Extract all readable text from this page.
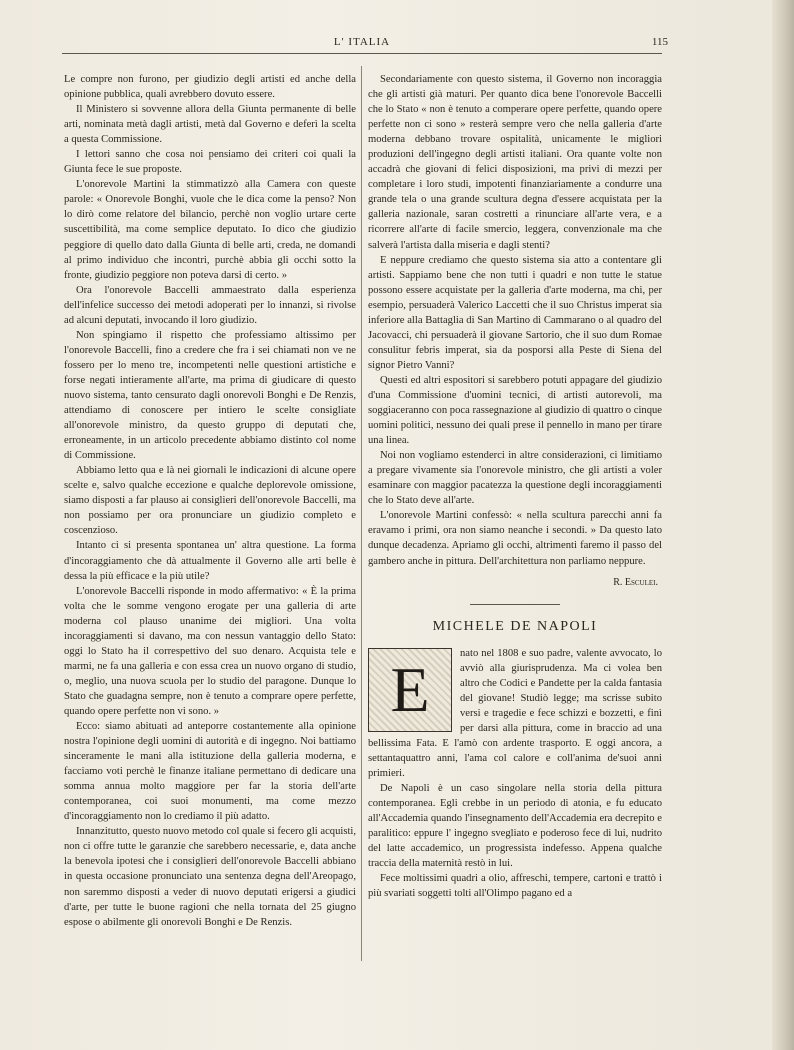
L' ITALIA	115

Le compre non furono, per giudizio degli artisti ed anche della opinione pubblica, quali avrebbero dovuto essere.

Il Ministero si sovvenne allora della Giunta permanente di belle arti, nominata metà dagli artisti, metà dal Governo e deferì la scelta a questa Commissione.

I lettori sanno che cosa noi pensiamo dei criteri coi quali la Giunta fece le sue proposte.

L'onorevole Martini la stimmatizzò alla Camera con queste parole: « Onorevole Bonghi, vuole che le dica come la penso? Non lo dirò come relatore del bilancio, perchè non voglio urtare certe suscettibilità, ma come semplice deputato. Io dico che giudizio peggiore di quello dato dalla Giunta di belle arti, creda, ne domandi al primo individuo che incontri, purchè abbia gli occhi sotto la fronte, giudizio peggiore non poteva darsi di certo. »

Ora l'onorevole Baccelli ammaestrato dalla esperienza dell'infelice successo dei metodi adoperati per lo innanzi, si rivolse ad alcuni deputati, invocando il loro giudizio.

Non spingiamo il rispetto che professiamo altissimo per l'onorevole Baccelli, fino a credere che fra i sei chiamati non ve ne fossero per lo meno tre, incompetenti nelle questioni artistiche e forse negati intieramente all'arte, ma prima di giudicare di questo nuovo sistema, tanto censurato dagli onorevoli Bonghi e De Renzis, attendiamo di conoscere per intiero le scelte consigliate all'onorevole ministro, da questo gruppo di deputati che, erroneamente, in un articolo precedente abbiamo distinto col nome di Commissione.

Abbiamo letto qua e là nei giornali le indicazioni di alcune opere scelte e, salvo qualche eccezione e qualche deplorevole omissione, siamo disposti a far plauso ai consiglieri dell'onorevole Baccelli, ma non possiamo per ora pronunciare un giudizio completo e coscenzioso.

Intanto ci si presenta spontanea un' altra questione. La forma d'incoraggiamento che dà attualmente il Governo alle arti belle è dessa la più efficace e la più utile?

L'onorevole Baccelli risponde in modo affermativo: « È la prima volta che le somme vengono erogate per una galleria di arte moderna col plauso unanime dei migliori. Una volta incoraggiamenti si davano, ma con nessun vantaggio dello Stato: oggi lo Stato ha il correspettivo del suo denaro. Acquista tele e marmi, ne fa una galleria e con essa crea un nuovo organo di studio, o, meglio, una nuova scuola per lo studio del paragone. Dunque lo Stato che guadagna sempre, non è tenuto a comprare opere perfette, quando opere perfette non vi sono. »

Ecco: siamo abituati ad anteporre costantemente alla opinione nostra l'opinione degli uomini di autorità e di ingegno. Noi battiamo sinceramente le mani alla istituzione della galleria moderna, e facciamo voti perchè le finanze italiane permettano di dedicare una somma annua molto maggiore per far la storia dell'arte contemporanea, coi suoi monumenti, ma come mezzo d'incoraggiamento non lo crediamo il più adatto.

Innanzitutto, questo nuovo metodo col quale si fecero gli acquisti, non ci offre tutte le garanzie che sarebbero necessarie, e, data anche la benevola ipotesi che i consiglieri dell'onorevole Baccelli abbiano in questa occasione pronunciato una sentenza degna dell'Areopago, non saremmo disposti a veder di nuovo deputati erigersi a giudici d'arte, per tutte le buone ragioni che nella tornata del 25 giugno espose o abilmente gli onorevoli Bonghi e De Renzis.

Secondariamente con questo sistema, il Governo non incoraggia che gli artisti già maturi. Per quanto dica bene l'onorevole Baccelli che lo Stato « non è tenuto a comperare opere perfette, quando opere perfette non ci sono » resterà sempre vero che nella galleria d'arte moderna debbano trovare ospitalità, unicamente le migliori produzioni dell'ingegno degli artisti italiani. Ora quante volte non accadrà che giovani di felici disposizioni, ma privi di mezzi per completare i loro studi, impotenti finanziariamente a condurre una grande tela o una grande scultura degna d'essere acquistata per la galleria nazionale, saran costretti a rinunciare all'arte vera, e a ricorrere all'arte di facile smercio, leggera, convenzionale ma che salverà l'artista dalla miseria e dagli stenti?

E neppure crediamo che questo sistema sia atto a contentare gli artisti. Sappiamo bene che non tutti i quadri e non tutte le statue possono essere acquistate per la galleria d'arte moderna, ma chi, per esempio, persuaderà Valerico Laccetti che il suo Christus imperat sia inferiore alla Battaglia di San Martino di Cammarano o al quadro del Jacovacci, chi persuaderà il giovane Sartorio, che il suo dum Romae consulitur febris imperat, sia da posporsi alla Peste di Siena del signor Pietro Vanni?

Questi ed altri espositori si sarebbero potuti appagare del giudizio d'una Commissione d'uomini tecnici, di artisti autorevoli, ma soggiaceranno con poca rassegnazione al giudizio di quattro o cinque uomini politici, nessuno dei quali prese il pennello in mano per tirare una linea.

Noi non vogliamo estenderci in altre considerazioni, ci limitiamo a pregare vivamente sia l'onorevole ministro, che gli artisti a voler esaminare con maggior pacatezza la questione degli incoraggiamenti che lo Stato deve all'arte.

L'onorevole Martini confessò: « nella scultura parecchi anni fa eravamo i primi, ora non siamo neanche i secondi. » Da questo lato dunque decadenza. Apriamo gli occhi, altrimenti faremo il passo del gambero anche in pittura. Dell'architettura non parliamo neppure.

R. Esculei.

MICHELE DE NAPOLI
E

nato nel 1808 e suo padre, valente avvocato, lo avviò alla giurisprudenza. Ma ci volea ben altro che Codici e Pandette per la calda fantasia del giovane! Studiò legge; ma scrisse subito versi e tragedie e fece schizzi e bozzetti, e finì per darsi alla pittura, come in braccio ad una bellissima Fata. E l'amò con ardente trasporto. E oggi ancora, a settantaquattro anni, l'ama col calore e coll'anima de'suoi anni primieri.

De Napoli è un caso singolare nella storia della pittura contemporanea. Egli crebbe in un periodo di atonia, e fu educato all'Accademia quando l'insegnamento dell'Accademia era decrepito e paralitico: eppure l' ingegno svegliato e poderoso fece di lui, nudrito del latte accademico, un progressista indefesso. Appena qualche traccia della maternità restò in lui.

Fece moltissimi quadri a olio, affreschi, tempere, cartoni e trattò i più svariati soggetti tolti all'Olimpo pagano ed a
